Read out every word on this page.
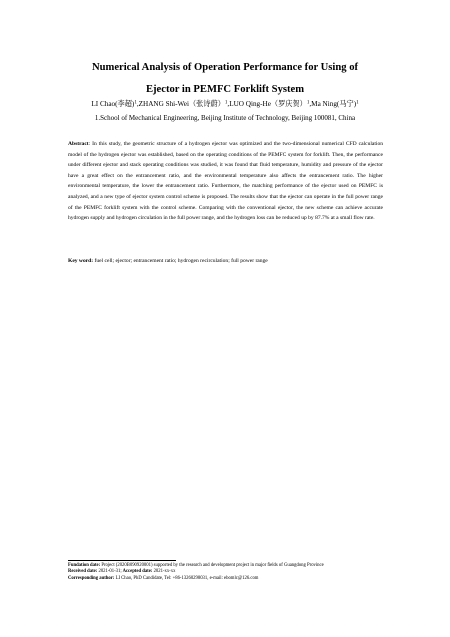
Numerical Analysis of Operation Performance for Using of
Ejector in PEMFC Forklift System
LI Chao(李超)$^1$,ZHANG Shi-Wei（张诗蔚）$^1$,LUO Qing-He（罗庆贺）$^1$,Ma Ning(马宁)$^1$
1.School of Mechanical Engineering, Beijing Institute of Technology, Beijing 100081, China
Abstract: In this study, the geometric structure of a hydrogen ejector was optimized and the two-dimensional numerical CFD calculation model of the hydrogen ejector was established, based on the operating conditions of the PEMFC system for forklift. Then, the performance under different ejector and stack operating conditions was studied, it was found that fluid temperature, humidity and pressure of the ejector have a great effect on the entrancement ratio, and the environmental temperature also affects the entrancement ratio. The higher environmental temperature, the lower the entrancement ratio. Furthermore, the matching performance of the ejector used on PEMFC is analyzed, and a new type of ejector system control scheme is proposed. The results show that the ejector can operate in the full power range of the PEMFC forklift system with the control scheme. Comparing with the conventional ejector, the new scheme can achieve accurate hydrogen supply and hydrogen circulation in the full power range, and the hydrogen loss can be reduced up by 87.7% at a small flow rate.
Key word: fuel cell; ejector; entrancement ratio; hydrogen recirculation; full power range
Fundation date: Project (2020B090920001) supported by the research and development project in major fields of Guangdong Province
Received date: 2021-01-31; Accepted date: 2021-xx-xx
Corresponding author: LI Chao, PhD Candidate, Tel: +86-13260298031, e-mail: ebomlc@126.com
